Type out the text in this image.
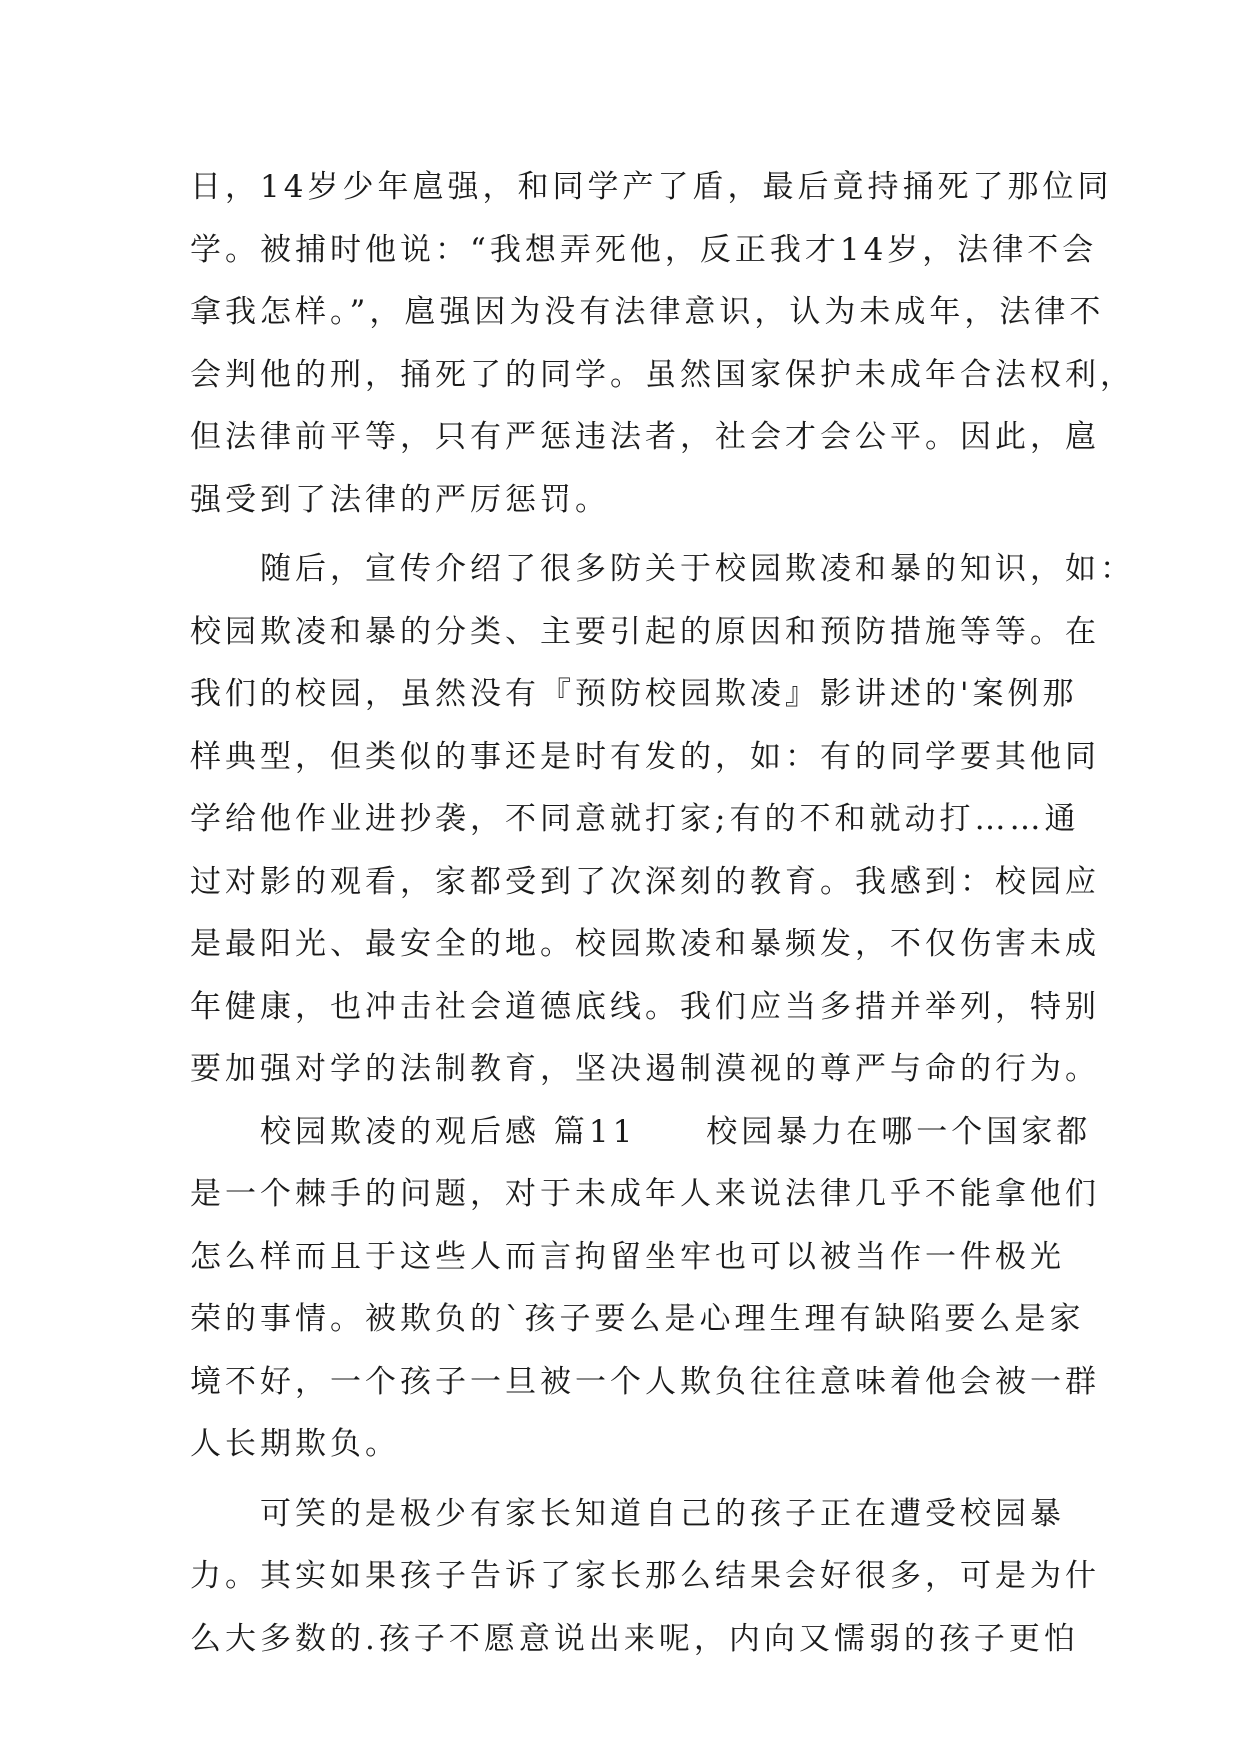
日，14岁少年扈强，和同学产了盾，最后竟持捅死了那位同
学。被捕时他说：“我想弄死他，反正我才14岁，法律不会
拿我怎样。”，扈强因为没有法律意识，认为未成年，法律不
会判他的刑，捅死了的同学。虽然国家保护未成年合法权利，
但法律前平等，只有严惩违法者，社会才会公平。因此，扈
强受到了法律的严厉惩罚。
　　随后，宣传介绍了很多防关于校园欺凌和暴的知识，如：
校园欺凌和暴的分类、主要引起的原因和预防措施等等。在
我们的校园，虽然没有『预防校园欺凌』影讲述的'案例那
样典型，但类似的事还是时有发的，如：有的同学要其他同
学给他作业进抄袭，不同意就打家;有的不和就动打……通
过对影的观看，家都受到了次深刻的教育。我感到：校园应
是最阳光、最安全的地。校园欺凌和暴频发，不仅伤害未成
年健康，也冲击社会道德底线。我们应当多措并举列，特别
要加强对学的法制教育，坚决遏制漠视的尊严与命的行为。
　　校园欺凌的观后感 篇11　　校园暴力在哪一个国家都
是一个棘手的问题，对于未成年人来说法律几乎不能拿他们
怎么样而且于这些人而言拘留坐牢也可以被当作一件极光
荣的事情。被欺负的`孩子要么是心理生理有缺陷要么是家
境不好，一个孩子一旦被一个人欺负往往意味着他会被一群
人长期欺负。
　　可笑的是极少有家长知道自己的孩子正在遭受校园暴
力。其实如果孩子告诉了家长那么结果会好很多，可是为什
么大多数的.孩子不愿意说出来呢，内向又懦弱的孩子更怕
